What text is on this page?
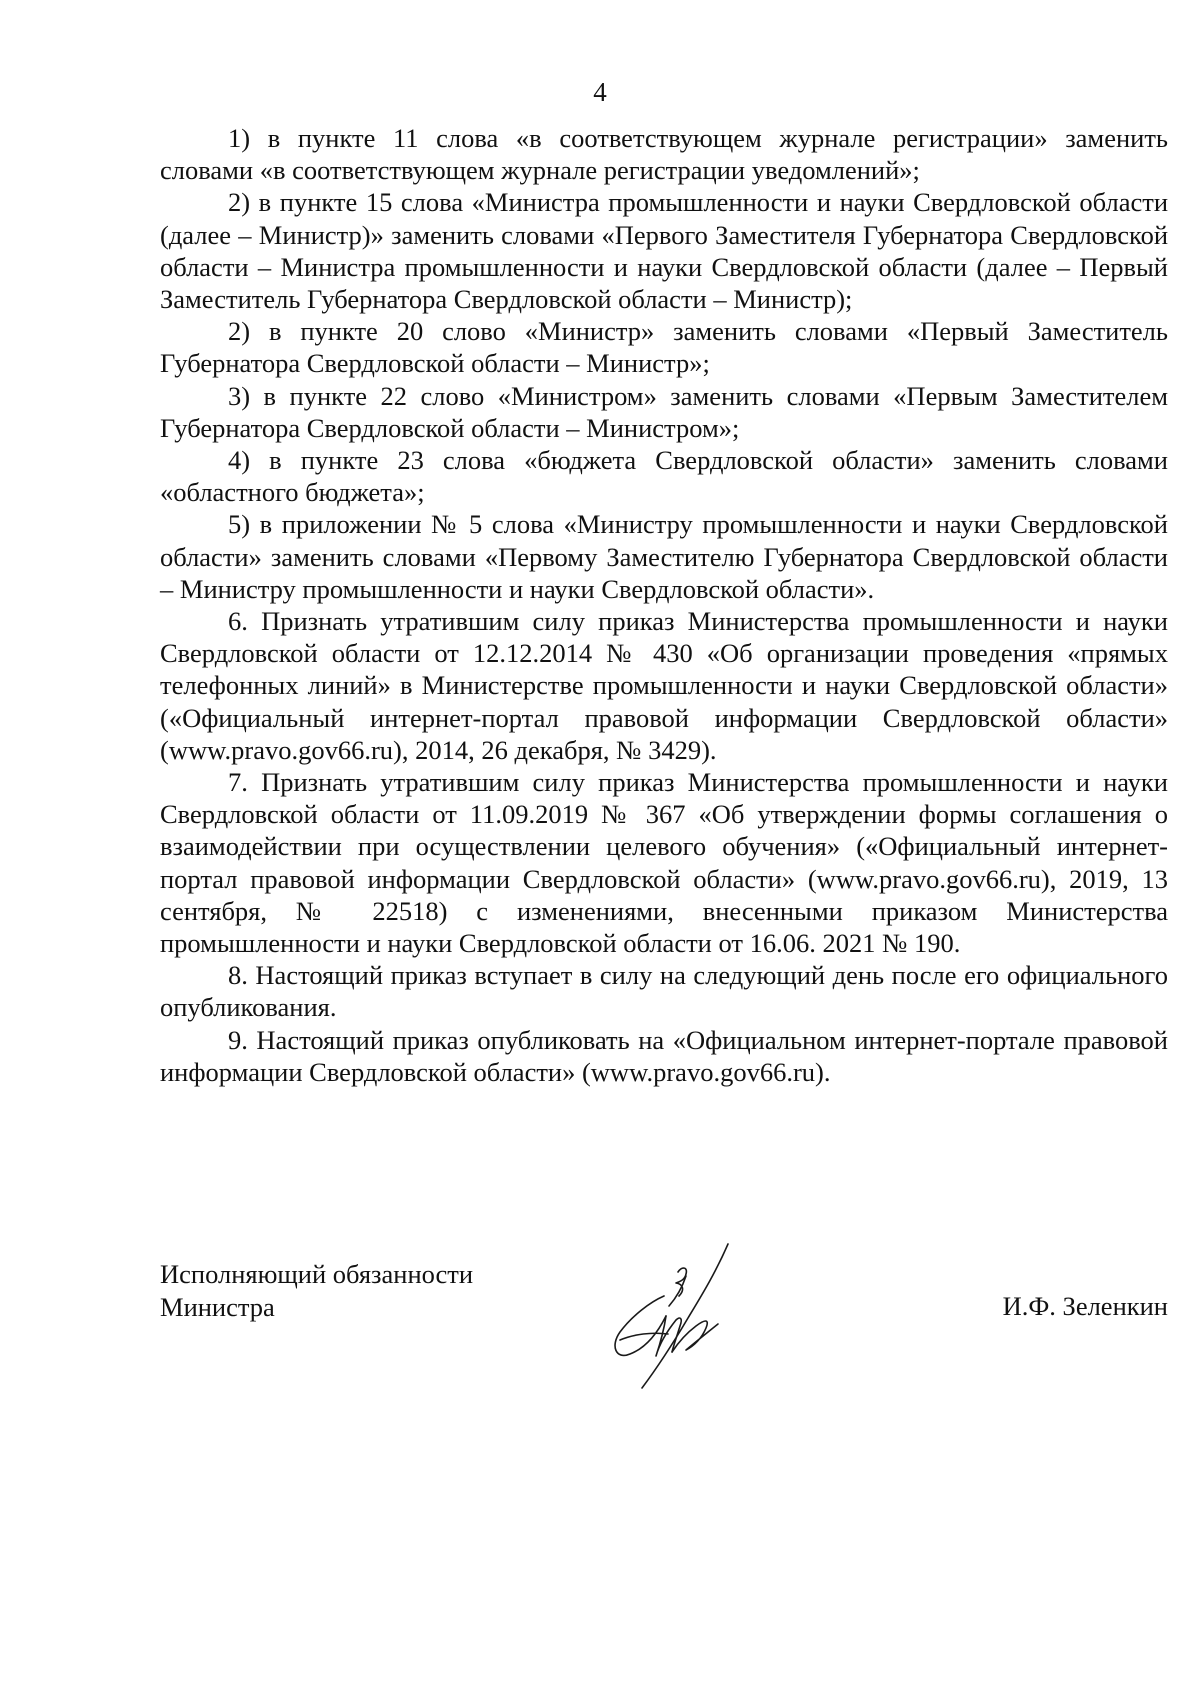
4

1) в пункте 11 слова «в соответствующем журнале регистрации» заменить словами «в соответствующем журнале регистрации уведомлений»;

2) в пункте 15 слова «Министра промышленности и науки Свердловской области (далее – Министр)» заменить словами «Первого Заместителя Губернатора Свердловской области – Министра промышленности и науки Свердловской области (далее – Первый Заместитель Губернатора Свердловской области – Министр);

2) в пункте 20 слово «Министр» заменить словами «Первый Заместитель Губернатора Свердловской области – Министр»;

3) в пункте 22 слово «Министром» заменить словами «Первым Заместителем Губернатора Свердловской области – Министром»;

4) в пункте 23 слова «бюджета Свердловской области» заменить словами «областного бюджета»;

5) в приложении № 5 слова «Министру промышленности и науки Свердловской области» заменить словами «Первому Заместителю Губернатора Свердловской области – Министру промышленности и науки Свердловской области».

6. Признать утратившим силу приказ Министерства промышленности и науки Свердловской области от 12.12.2014 № 430 «Об организации проведения «прямых телефонных линий» в Министерстве промышленности и науки Свердловской области» («Официальный интернет-портал правовой информации Свердловской области» (www.pravo.gov66.ru), 2014, 26 декабря, № 3429).

7. Признать утратившим силу приказ Министерства промышленности и науки Свердловской области от 11.09.2019 № 367 «Об утверждении формы соглашения о взаимодействии при осуществлении целевого обучения» («Официальный интернет-портал правовой информации Свердловской области» (www.pravo.gov66.ru), 2019, 13 сентября, № 22518) с изменениями, внесенными приказом Министерства промышленности и науки Свердловской области от 16.06. 2021 № 190.

8. Настоящий приказ вступает в силу на следующий день после его официального опубликования.

9. Настоящий приказ опубликовать на «Официальном интернет-портале правовой информации Свердловской области» (www.pravo.gov66.ru).

Исполняющий обязанности
Министра	И.Ф. Зеленкин
